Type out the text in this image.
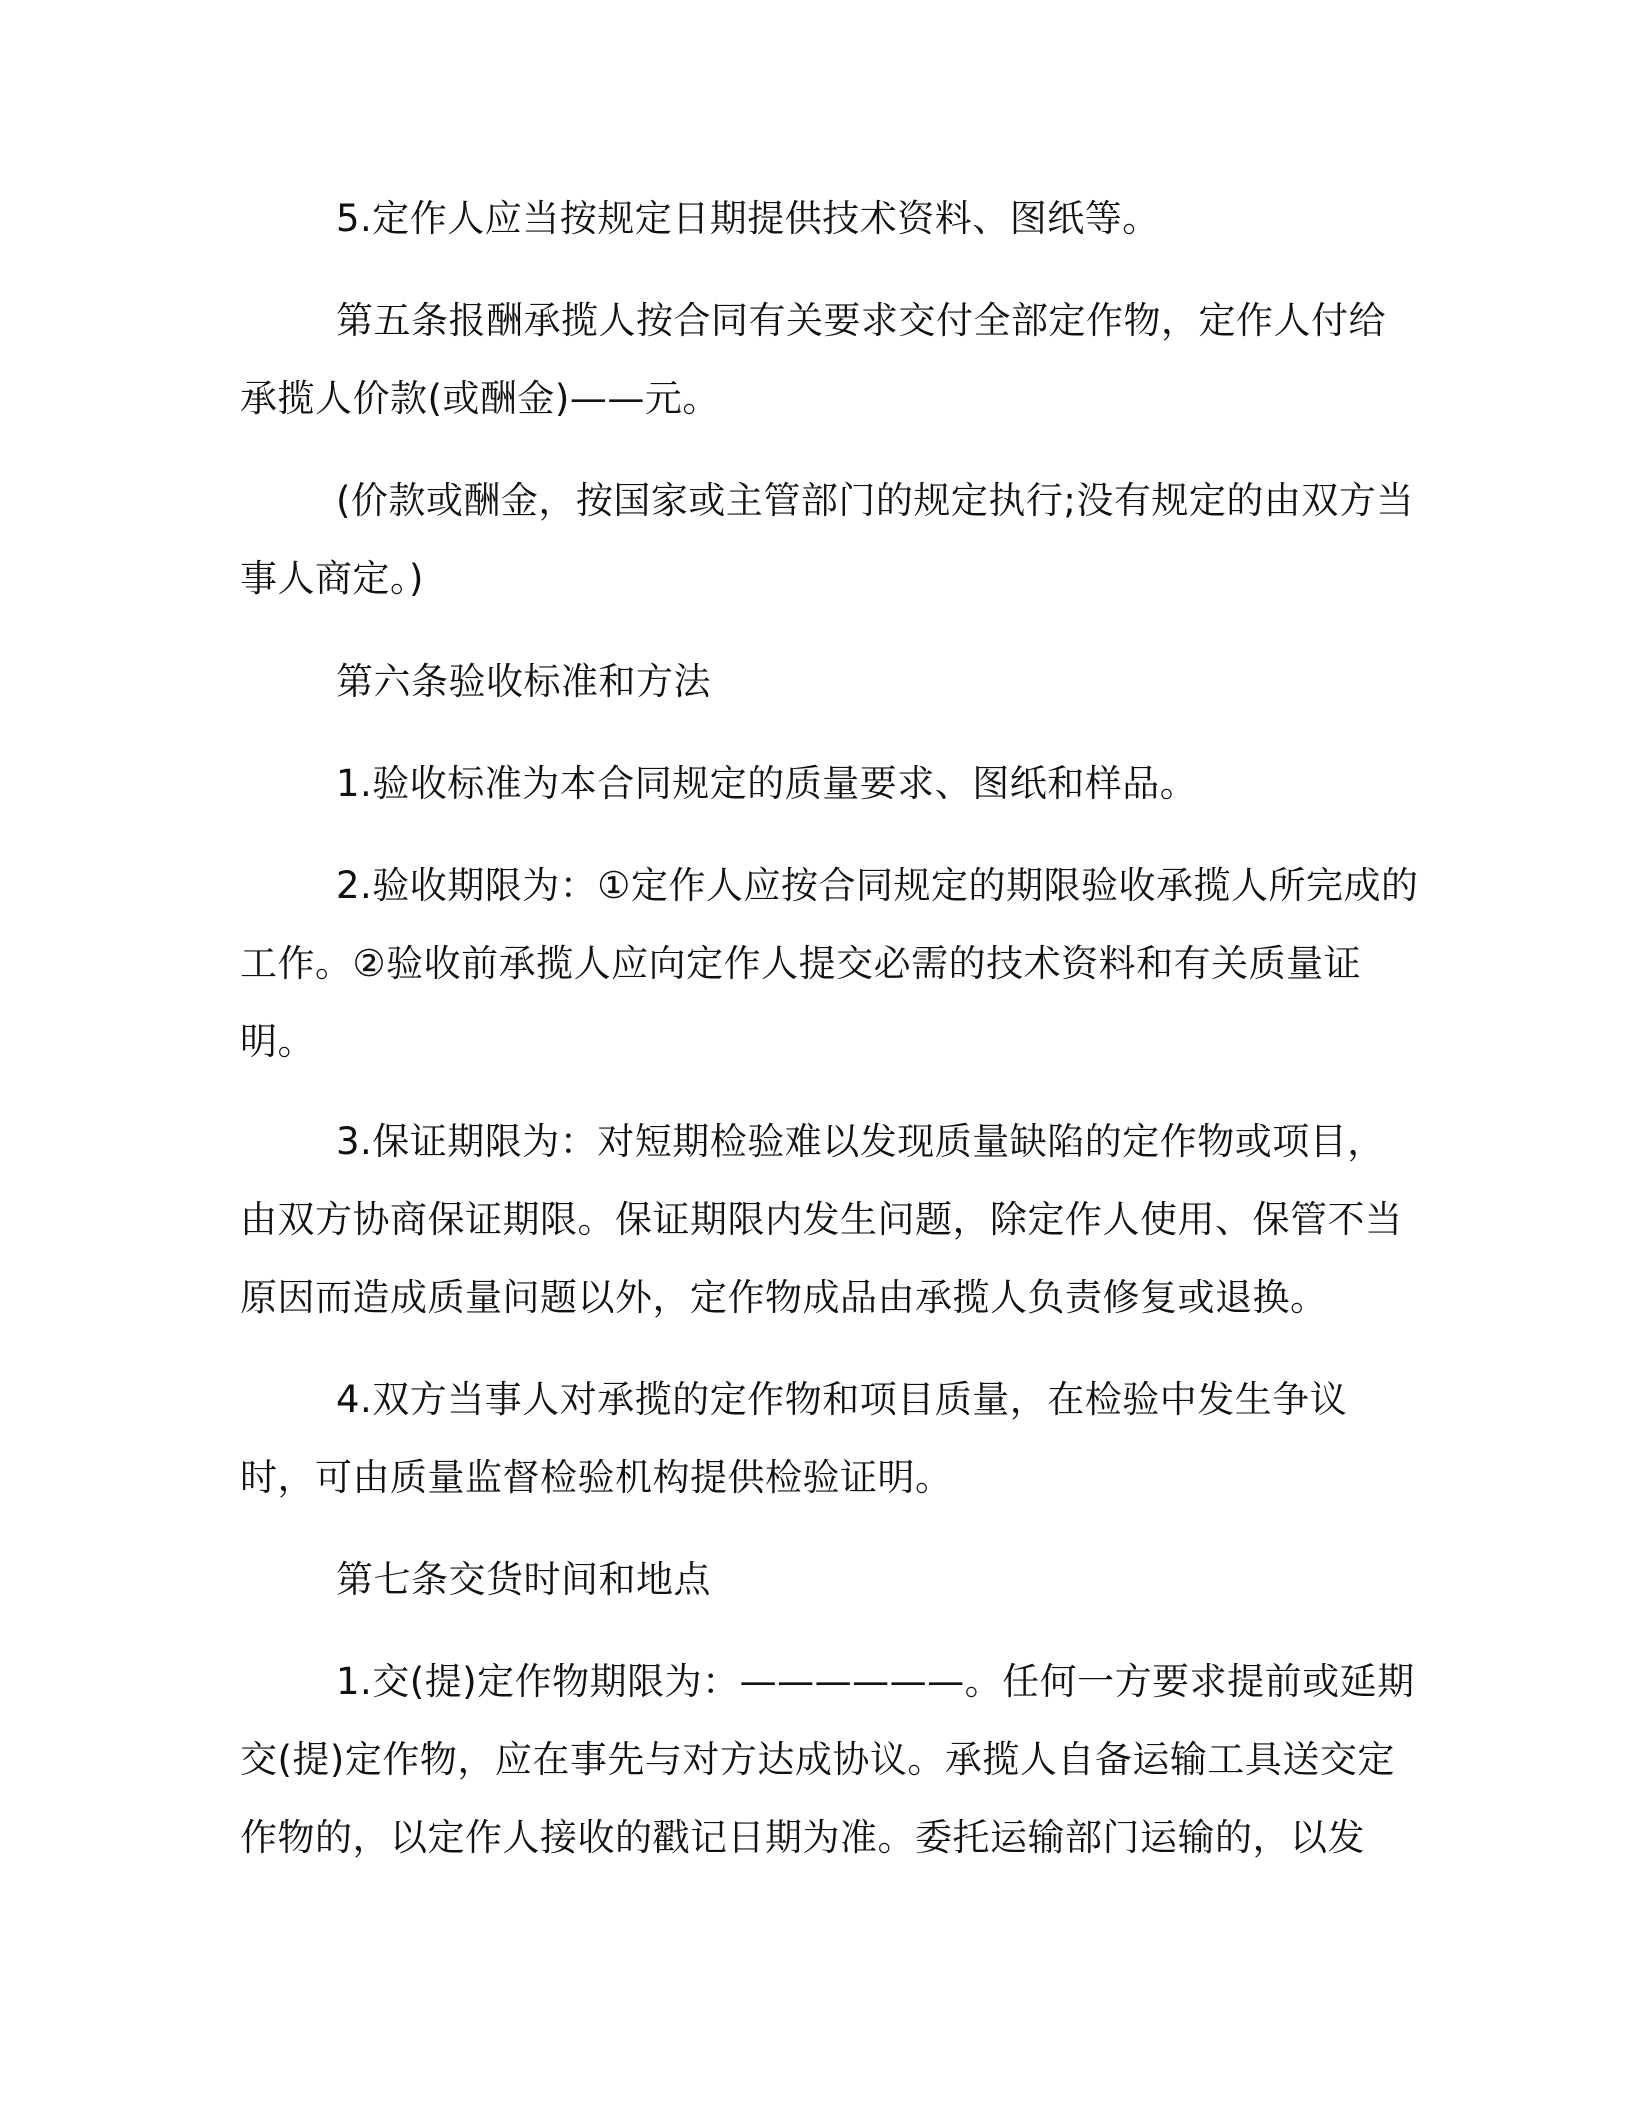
5.定作人应当按规定日期提供技术资料、图纸等。

第五条报酬承揽人按合同有关要求交付全部定作物，定作人付给承揽人价款(或酬金)——元。

(价款或酬金，按国家或主管部门的规定执行;没有规定的由双方当事人商定。)

第六条验收标准和方法

1.验收标准为本合同规定的质量要求、图纸和样品。

2.验收期限为：①定作人应按合同规定的期限验收承揽人所完成的工作。②验收前承揽人应向定作人提交必需的技术资料和有关质量证明。

3.保证期限为：对短期检验难以发现质量缺陷的定作物或项目，由双方协商保证期限。保证期限内发生问题，除定作人使用、保管不当原因而造成质量问题以外，定作物成品由承揽人负责修复或退换。

4.双方当事人对承揽的定作物和项目质量，在检验中发生争议时，可由质量监督检验机构提供检验证明。

第七条交货时间和地点

1.交(提)定作物期限为：——————。任何一方要求提前或延期交(提)定作物，应在事先与对方达成协议。承揽人自备运输工具送交定作物的，以定作人接收的戳记日期为准。委托运输部门运输的，以发
